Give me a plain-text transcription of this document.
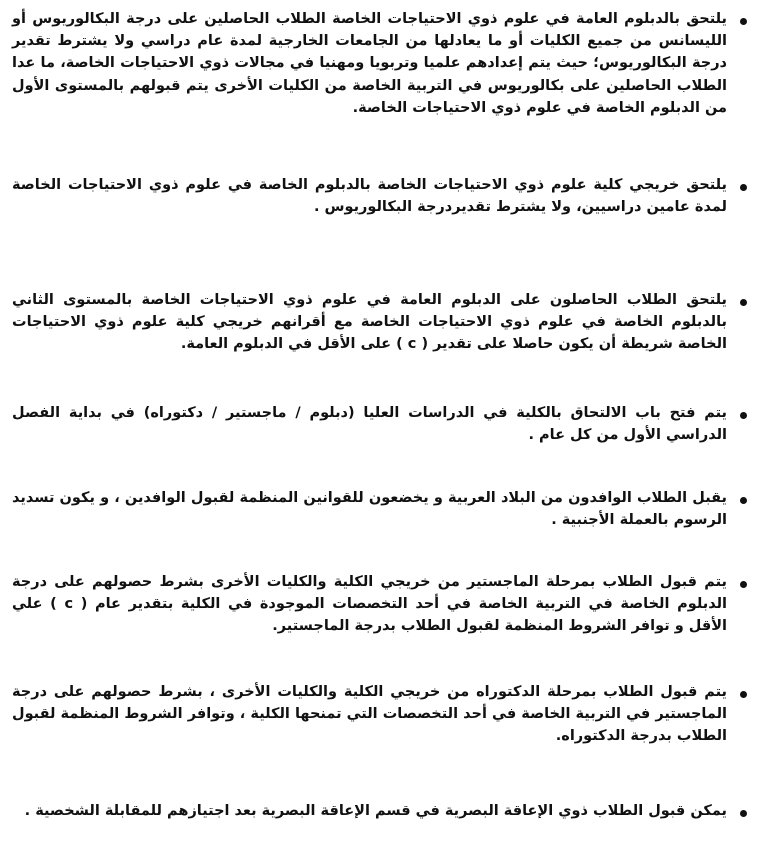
يلتحق بالدبلوم العامة في علوم ذوي الاحتياجات الخاصة الطلاب الحاصلين على درجة البكالوريوس أو الليسانس من جميع الكليات أو ما يعادلها من الجامعات الخارجية لمدة عام دراسي ولا يشترط تقدير درجة البكالوريوس؛ حيث يتم إعدادهم علميا وتربويا ومهنيا في مجالات ذوي الاحتياجات الخاصة، ما عدا الطلاب الحاصلين على بكالوريوس في التربية الخاصة من الكليات الأخرى يتم قبولهم بالمستوى الأول من الدبلوم الخاصة في علوم ذوي الاحتياجات الخاصة.

يلتحق خريجي كلية علوم ذوي الاحتياجات الخاصة بالدبلوم الخاصة في علوم ذوي الاحتياجات الخاصة لمدة عامين دراسيين، ولا يشترط تقديردرجة البكالوريوس .

يلتحق الطلاب الحاصلون على الدبلوم العامة في علوم ذوي الاحتياجات الخاصة بالمستوى الثاني بالدبلوم الخاصة في علوم ذوي الاحتياجات الخاصة مع أقرانهم خريجي كلية علوم ذوي الاحتياجات الخاصة شريطة أن يكون حاصلا على تقدير ( c ) على الأقل في الدبلوم العامة.

يتم فتح باب الالتحاق بالكلية في الدراسات العليا (دبلوم / ماجستير / دكتوراه) في بداية الفصل الدراسي الأول من كل عام .

يقبل الطلاب الوافدون من البلاد العربية و يخضعون للقوانين المنظمة لقبول الوافدين ، و يكون تسديد الرسوم بالعملة الأجنبية .

يتم قبول الطلاب بمرحلة الماجستير من خريجي الكلية والكليات الأخرى بشرط حصولهم على درجة الدبلوم الخاصة في التربية الخاصة في أحد التخصصات الموجودة في الكلية بتقدير عام ( c ) علي الأقل و توافر الشروط المنظمة لقبول الطلاب بدرجة الماجستير.

يتم قبول الطلاب بمرحلة الدكتوراه من خريجي الكلية والكليات الأخرى ، بشرط حصولهم على درجة الماجستير في التربية الخاصة في أحد التخصصات التي تمنحها الكلية ، وتوافر الشروط المنظمة لقبول الطلاب بدرجة الدكتوراه.

يمكن قبول الطلاب ذوي الإعاقة البصرية في قسم الإعاقة البصرية بعد اجتيازهم للمقابلة الشخصية .
